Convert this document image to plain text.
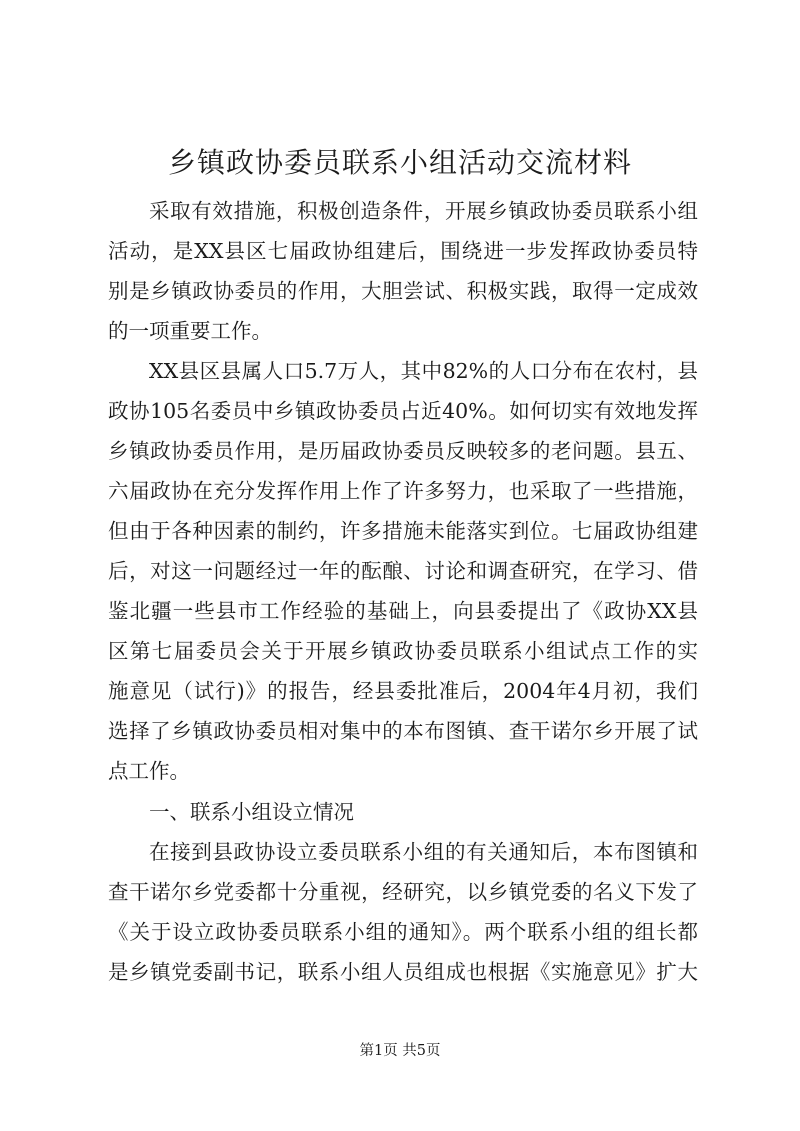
乡镇政协委员联系小组活动交流材料
采取有效措施，积极创造条件，开展乡镇政协委员联系小组
活动，是XX县区七届政协组建后，围绕进一步发挥政协委员特
别是乡镇政协委员的作用，大胆尝试、积极实践，取得一定成效
的一项重要工作。
XX县区县属人口5.7万人，其中82%的人口分布在农村，县
政协105名委员中乡镇政协委员占近40%。如何切实有效地发挥
乡镇政协委员作用，是历届政协委员反映较多的老问题。县五、
六届政协在充分发挥作用上作了许多努力，也采取了一些措施，
但由于各种因素的制约，许多措施未能落实到位。七届政协组建
后，对这一问题经过一年的酝酿、讨论和调查研究，在学习、借
鉴北疆一些县市工作经验的基础上，向县委提出了《政协XX县
区第七届委员会关于开展乡镇政协委员联系小组试点工作的实
施意见（试行)》的报告，经县委批准后，2004年4月初，我们
选择了乡镇政协委员相对集中的本布图镇、查干诺尔乡开展了试
点工作。
一、联系小组设立情况
在接到县政协设立委员联系小组的有关通知后，本布图镇和
查干诺尔乡党委都十分重视，经研究，以乡镇党委的名义下发了
《关于设立政协委员联系小组的通知》。两个联系小组的组长都
是乡镇党委副书记，联系小组人员组成也根据《实施意见》扩大
第1页 共5页
